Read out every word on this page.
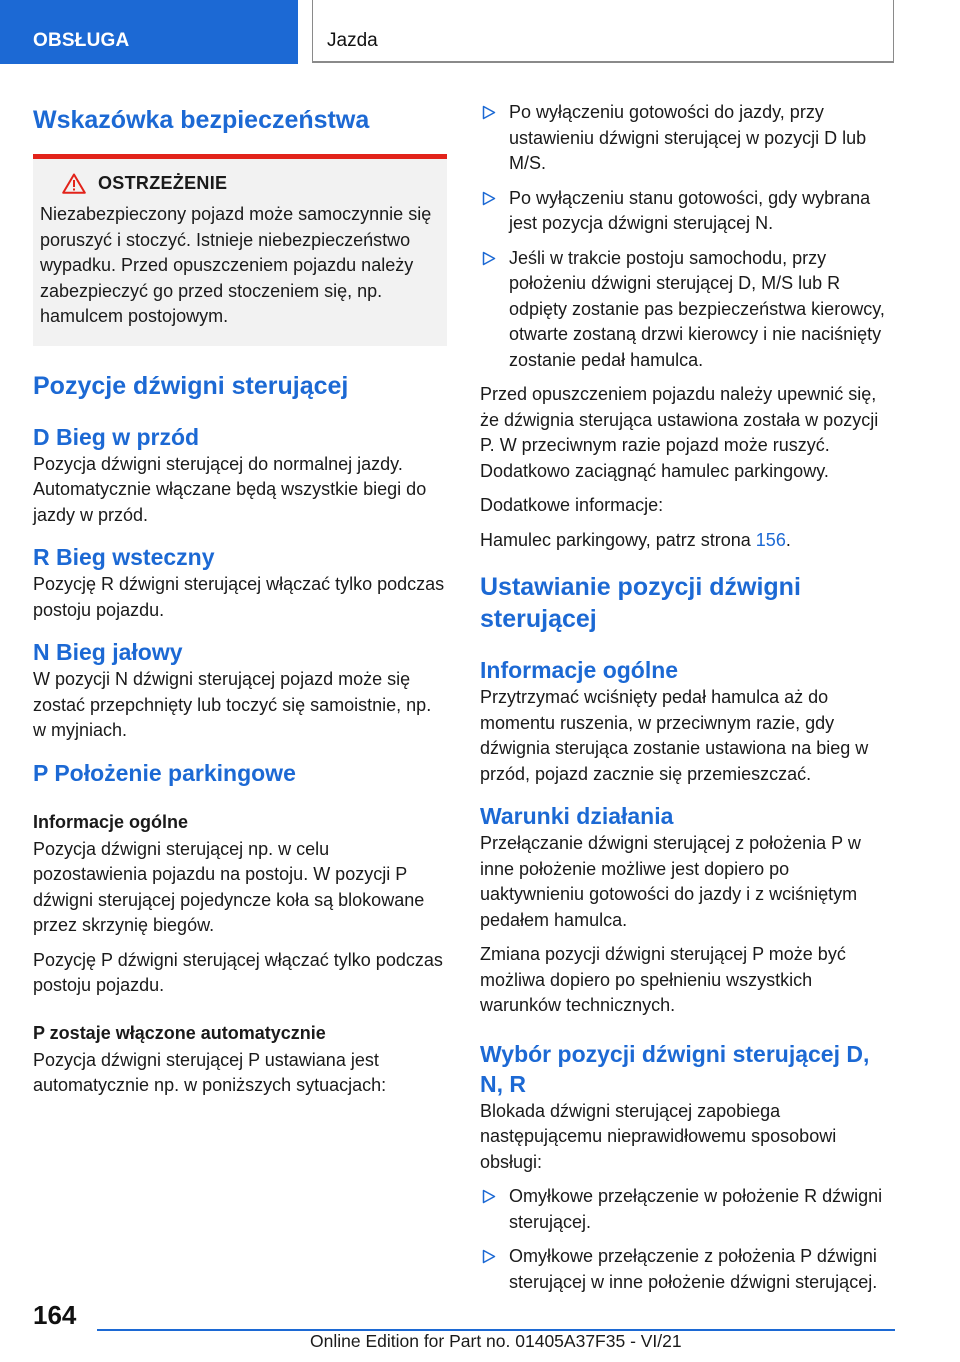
OBSŁUGA	Jazda
Wskazówka bezpieczeństwa
OSTRZEŻENIE

Niezabezpieczony pojazd może samoczynnie się poruszyć i stoczyć. Istnieje niebezpieczeństwo wypadku. Przed opuszczeniem pojazdu należy zabezpieczyć go przed stoczeniem się, np. hamulcem postojowym.

Pozycje dźwigni sterującej
D Bieg w przód

Pozycja dźwigni sterującej do normalnej jazdy. Automatycznie włączane będą wszystkie biegi do jazdy w przód.

R Bieg wsteczny

Pozycję R dźwigni sterującej włączać tylko podczas postoju pojazdu.

N Bieg jałowy

W pozycji N dźwigni sterującej pojazd może się zostać przepchnięty lub toczyć się samoistnie, np. w myjniach.

P Położenie parkingowe
Informacje ogólne

Pozycja dźwigni sterującej np. w celu pozostawienia pojazdu na postoju. W pozycji P dźwigni sterującej pojedyncze koła są blokowane przez skrzynię biegów.

Pozycję P dźwigni sterującej włączać tylko podczas postoju pojazdu.

P zostaje włączone automatycznie

Pozycja dźwigni sterującej P ustawiana jest automatycznie np. w poniższych sytuacjach:

Po wyłączeniu gotowości do jazdy, przy ustawieniu dźwigni sterującej w pozycji D lub M/S.
Po wyłączeniu stanu gotowości, gdy wybrana jest pozycja dźwigni sterującej N.
Jeśli w trakcie postoju samochodu, przy położeniu dźwigni sterującej D, M/S lub R odpięty zostanie pas bezpieczeństwa kierowcy, otwarte zostaną drzwi kierowcy i nie naciśnięty zostanie pedał hamulca.

Przed opuszczeniem pojazdu należy upewnić się, że dźwignia sterująca ustawiona została w pozycji P. W przeciwnym razie pojazd może ruszyć. Dodatkowo zaciągnąć hamulec parkingowy.

Dodatkowe informacje:

Hamulec parkingowy, patrz strona 156.

Ustawianie pozycji dźwigni sterującej
Informacje ogólne

Przytrzymać wciśnięty pedał hamulca aż do momentu ruszenia, w przeciwnym razie, gdy dźwignia sterująca zostanie ustawiona na bieg w przód, pojazd zacznie się przemieszczać.

Warunki działania

Przełączanie dźwigni sterującej z położenia P w inne położenie możliwe jest dopiero po uaktywnieniu gotowości do jazdy i z wciśniętym pedałem hamulca.

Zmiana pozycji dźwigni sterującej P może być możliwa dopiero po spełnieniu wszystkich warunków technicznych.

Wybór pozycji dźwigni sterującej D, N, R

Blokada dźwigni sterującej zapobiega następującemu nieprawidłowemu sposobowi obsługi:

Omyłkowe przełączenie w położenie R dźwigni sterującej.
Omyłkowe przełączenie z położenia P dźwigni sterującej w inne położenie dźwigni sterującej.
164
Online Edition for Part no. 01405A37F35 - VI/21
